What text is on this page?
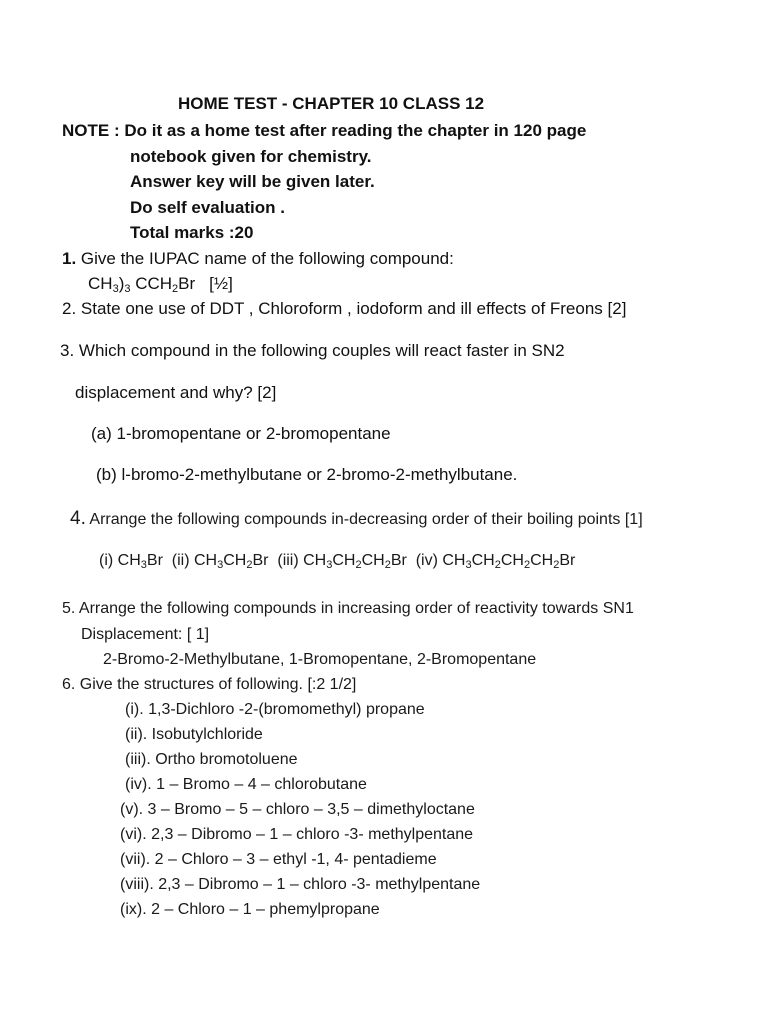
HOME TEST - CHAPTER 10 CLASS 12
NOTE : Do it as a home test after reading the chapter in 120 page
notebook given for chemistry.
Answer key will be given later.
Do self evaluation .
Total marks :20
1. Give the IUPAC name of the following compound:
$CH_3)_3$ $CCH_2Br$ [½]
2. State one use of DDT , Chloroform , iodoform and ill effects of Freons [2]
3. Which compound in the following couples will react faster in SN2
displacement and why? [2]
(a) 1-bromopentane or 2-bromopentane
(b) l-bromo-2-methylbutane or 2-bromo-2-methylbutane.
4. Arrange the following compounds in-decreasing order of their boiling points [1]
(i) $CH_3Br$  (ii) $CH_3CH_2Br$  (iii) $CH_3CH_2CH_2Br$  (iv) $CH_3CH_2CH_2CH_2Br$
5. Arrange the following compounds in increasing order of reactivity towards SN1
Displacement: [ 1]
2-Bromo-2-Methylbutane, 1-Bromopentane, 2-Bromopentane
6. Give the structures of following. [:2 1/2]
(i). 1,3-Dichloro -2-(bromomethyl) propane
(ii). Isobutylchloride
(iii). Ortho bromotoluene
(iv). 1 – Bromo – 4 – chlorobutane
(v). 3 – Bromo – 5 – chloro – 3,5 – dimethyloctane
(vi). 2,3 – Dibromo – 1 – chloro -3- methylpentane
(vii). 2 – Chloro – 3 – ethyl -1, 4- pentadieme
(viii). 2,3 – Dibromo – 1 – chloro -3- methylpentane
(ix). 2 – Chloro – 1 – phemylpropane
